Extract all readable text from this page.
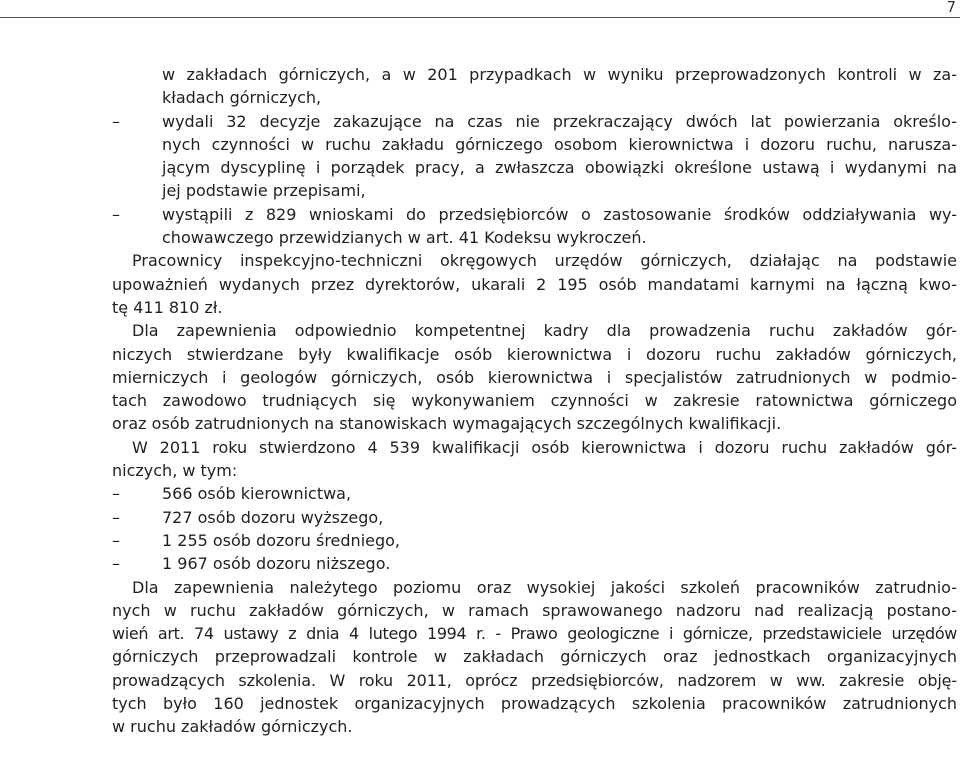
7
w zakładach górniczych, a w 201 przypadkach w wyniku przeprowadzonych kontroli w za-
kładach górniczych,
–	wydali 32 decyzje zakazujące na czas nie przekraczający dwóch lat powierzania określo-
nych czynności w ruchu zakładu górniczego osobom kierownictwa i dozoru ruchu, narusza-
jącym dyscyplinę i porządek pracy, a zwłaszcza obowiązki określone ustawą i wydanymi na
jej podstawie przepisami,
–	wystąpili z 829 wnioskami do przedsiębiorców o zastosowanie środków oddziaływania wy-
chowawczego przewidzianych w art. 41 Kodeksu wykroczeń.
Pracownicy inspekcyjno-techniczni okręgowych urzędów górniczych, działając na podstawie
upoważnień wydanych przez dyrektorów, ukarali 2 195 osób mandatami karnymi na łączną kwo-
tę 411 810 zł.
Dla zapewnienia odpowiednio kompetentnej kadry dla prowadzenia ruchu zakładów gór-
niczych stwierdzane były kwalifikacje osób kierownictwa i dozoru ruchu zakładów górniczych,
mierniczych i geologów górniczych, osób kierownictwa i specjalistów zatrudnionych w podmio-
tach zawodowo trudniących się wykonywaniem czynności w zakresie ratownictwa górniczego
oraz osób zatrudnionych na stanowiskach wymagających szczególnych kwalifikacji.
W 2011 roku stwierdzono 4 539 kwalifikacji osób kierownictwa i dozoru ruchu zakładów gór-
niczych, w tym:
–	566 osób kierownictwa,
–	727 osób dozoru wyższego,
–	1 255 osób dozoru średniego,
–	1 967 osób dozoru niższego.
Dla zapewnienia należytego poziomu oraz wysokiej jakości szkoleń pracowników zatrudnio-
nych w ruchu zakładów górniczych, w ramach sprawowanego nadzoru nad realizacją postano-
wień art. 74 ustawy z dnia 4 lutego 1994 r. - Prawo geologiczne i górnicze, przedstawiciele urzędów
górniczych przeprowadzali kontrole w zakładach górniczych oraz jednostkach organizacyjnych
prowadzących szkolenia. W roku 2011, oprócz przedsiębiorców, nadzorem w ww. zakresie obję-
tych było 160 jednostek organizacyjnych prowadzących szkolenia pracowników zatrudnionych
w ruchu zakładów górniczych.
